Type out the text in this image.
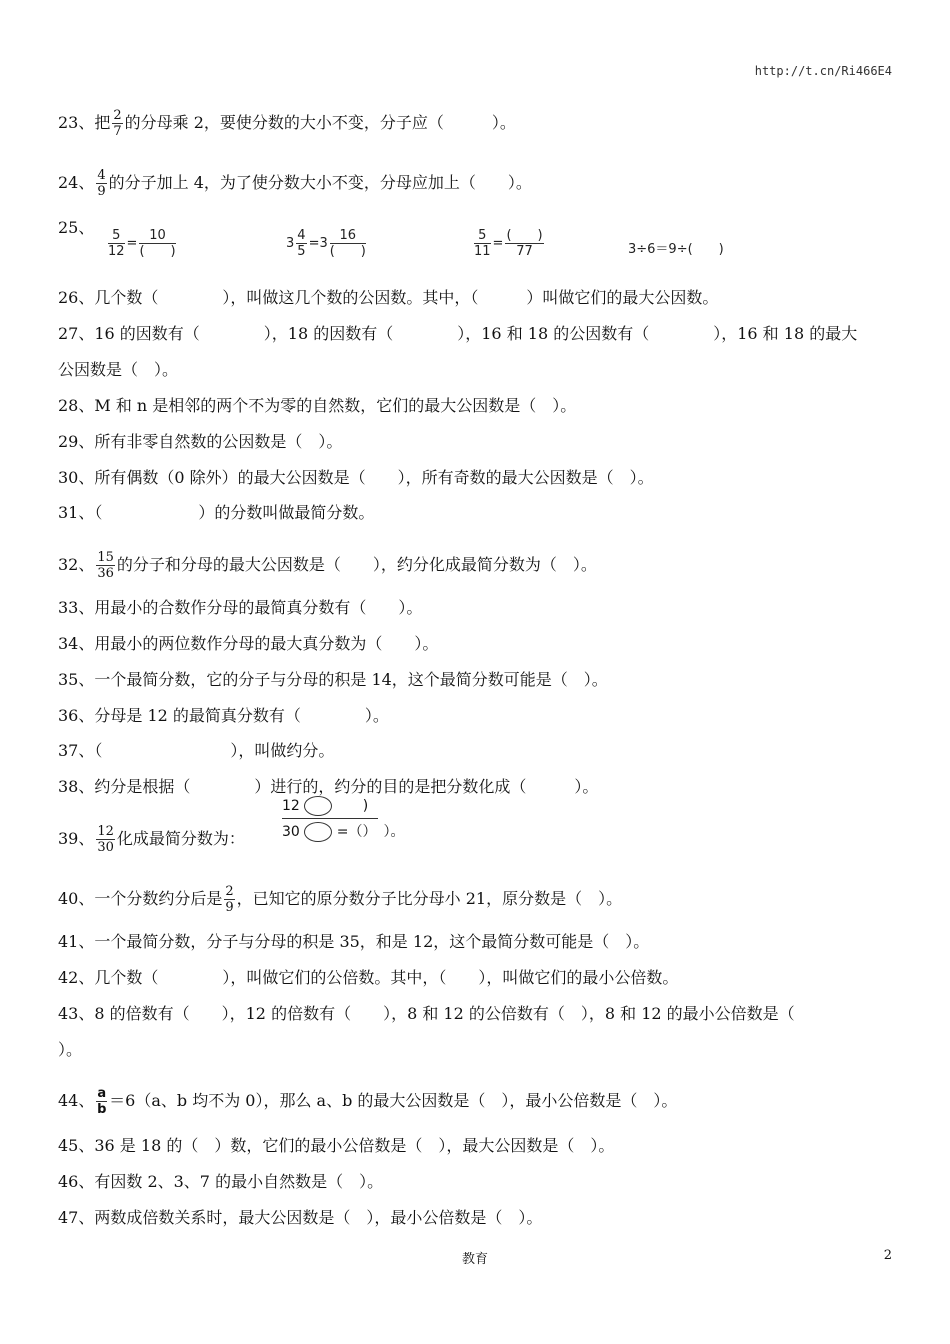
http://t.cn/Ri466E4
23、把 $\frac{2}{7}$ 的分母乘 2，要使分数的大小不变，分子应（　　　）。
24、 $\frac{4}{9}$ 的分子加上 4，为了使分数大小不变，分母应加上（　　）。
25、
$\frac{5}{12} = \frac{10}{( )}$	$3 \frac{4}{5} =3 \frac{16}{( )}$	$\frac{5}{11} = \frac{( )}{77}$	3÷6＝9÷(　　)
26、几个数（　　　　），叫做这几个数的公因数。其中，（　　　）叫做它们的最大公因数。
27、16 的因数有（　　　　），18 的因数有（　　　　），16 和 18 的公因数有（　　　　），16 和 18 的最大
公因数是（　）。
28、M 和 n 是相邻的两个不为零的自然数，它们的最大公因数是（　）。
29、所有非零自然数的公因数是（　）。
30、所有偶数（0 除外）的最大公因数是（　　），所有奇数的最大公因数是（　）。
31、（　　　　　　）的分数叫做最简分数。
32、 $\frac{15}{36}$ 的分子和分母的最大公因数是（　　），约分化成最简分数为（　）。
33、用最小的合数作分母的最简真分数有（　　）。
34、用最小的两位数作分母的最大真分数为（　　）。
35、一个最简分数，它的分子与分母的积是 14，这个最简分数可能是（　）。
36、分母是 12 的最简真分数有（　　　　）。
37、（　　　　　　　　），叫做约分。
38、约分是根据（　　　　）进行的，约分的目的是把分数化成（　　　）。
39、 $\frac{12}{30}$ 化成最简分数为：
12	)
30	=（）　）。
40、一个分数约分后是 $\frac{2}{9}$ ，已知它的原分数分子比分母小 21，原分数是（　）。
41、一个最简分数，分子与分母的积是 35，和是 12，这个最简分数可能是（　）。
42、几个数（　　　　），叫做它们的公倍数。其中，（　　），叫做它们的最小公倍数。
43、8 的倍数有（　　），12 的倍数有（　　），8 和 12 的公倍数有（　），8 和 12 的最小公倍数是（
）。
44、 $\frac{a}{b} =6(a$、b 均不为 0），那么 a、b 的最大公因数是（　），最小公倍数是（　）。
45、36 是 18 的（　）数，它们的最小公倍数是（　），最大公因数是（　）。
46、有因数 2、3、7 的最小自然数是（　）。
47、两数成倍数关系时，最大公因数是（　），最小公倍数是（　）。
教育	2
